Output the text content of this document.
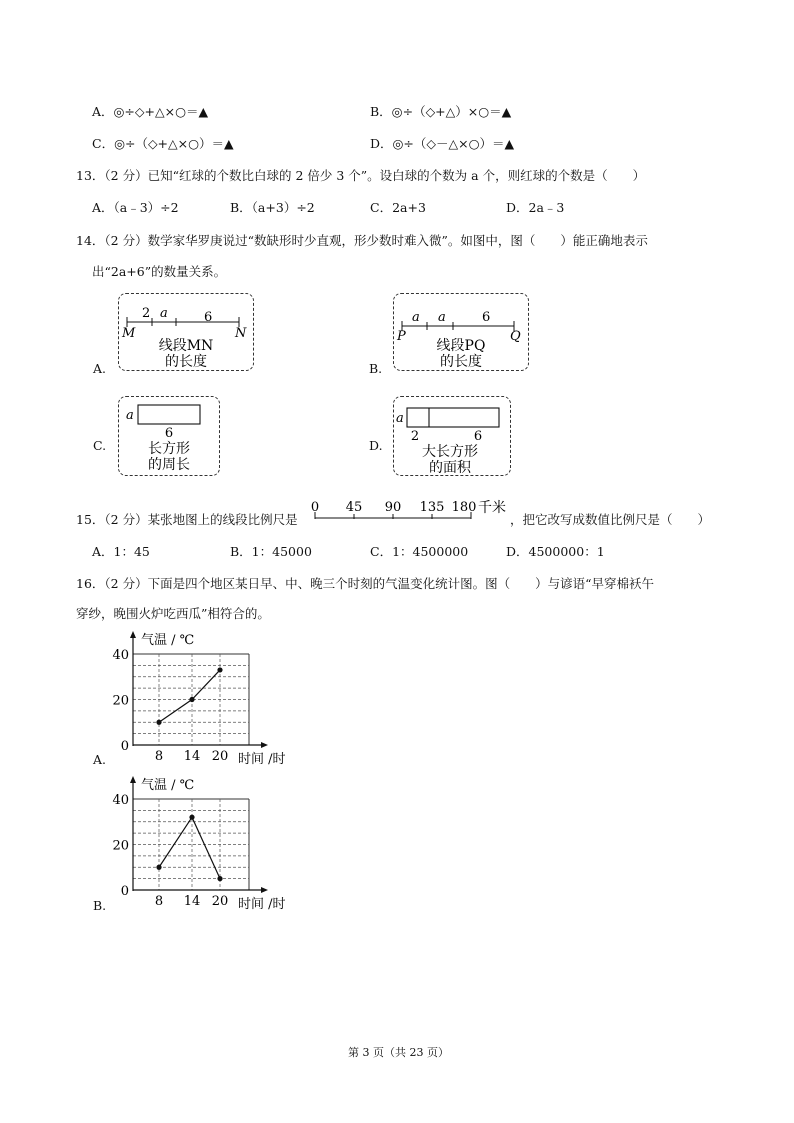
A．◎÷◇+△×○＝▲	B．◎÷（◇+△）×○＝▲
C．◎÷（◇+△×○）＝▲	D．◎÷（◇－△×○）＝▲
13．（2 分）已知“红球的个数比白球的 2 倍少 3 个”。设白球的个数为 a 个，则红球的个数是（　　）
A．（a﹣3）÷2	B．（a+3）÷2	C．2a+3	D．2a﹣3
14．（2 分）数学家华罗庚说过“数缺形时少直观，形少数时难入微”。如图中，图（　　）能正确地表示
出“2a+6”的数量关系。
2 a	6
M	N
线段MN
的长度
A.
a a	6
P	Q
线段PQ
的长度
B.
a
6
长方形
的周长
C.
a
2	6
大长方形
的面积
D.
15．（2 分）某张地图上的线段比例尺是
0 45 90 135 180 千米
，把它改写成数值比例尺是（　　）
A．1：45	B．1：45000	C．1：4500000	D．4500000：1
16．（2 分）下面是四个地区某日早、中、晚三个时刻的气温变化统计图。图（　　）与谚语“早穿棉袄午
穿纱，晚围火炉吃西瓜”相符合的。
气温 / ℃
时间 /时
0
20
40
8 14 20
A.
气温 / ℃
时间 /时
0
20
40
8 14 20
B.
第 3 页（共 23 页）
